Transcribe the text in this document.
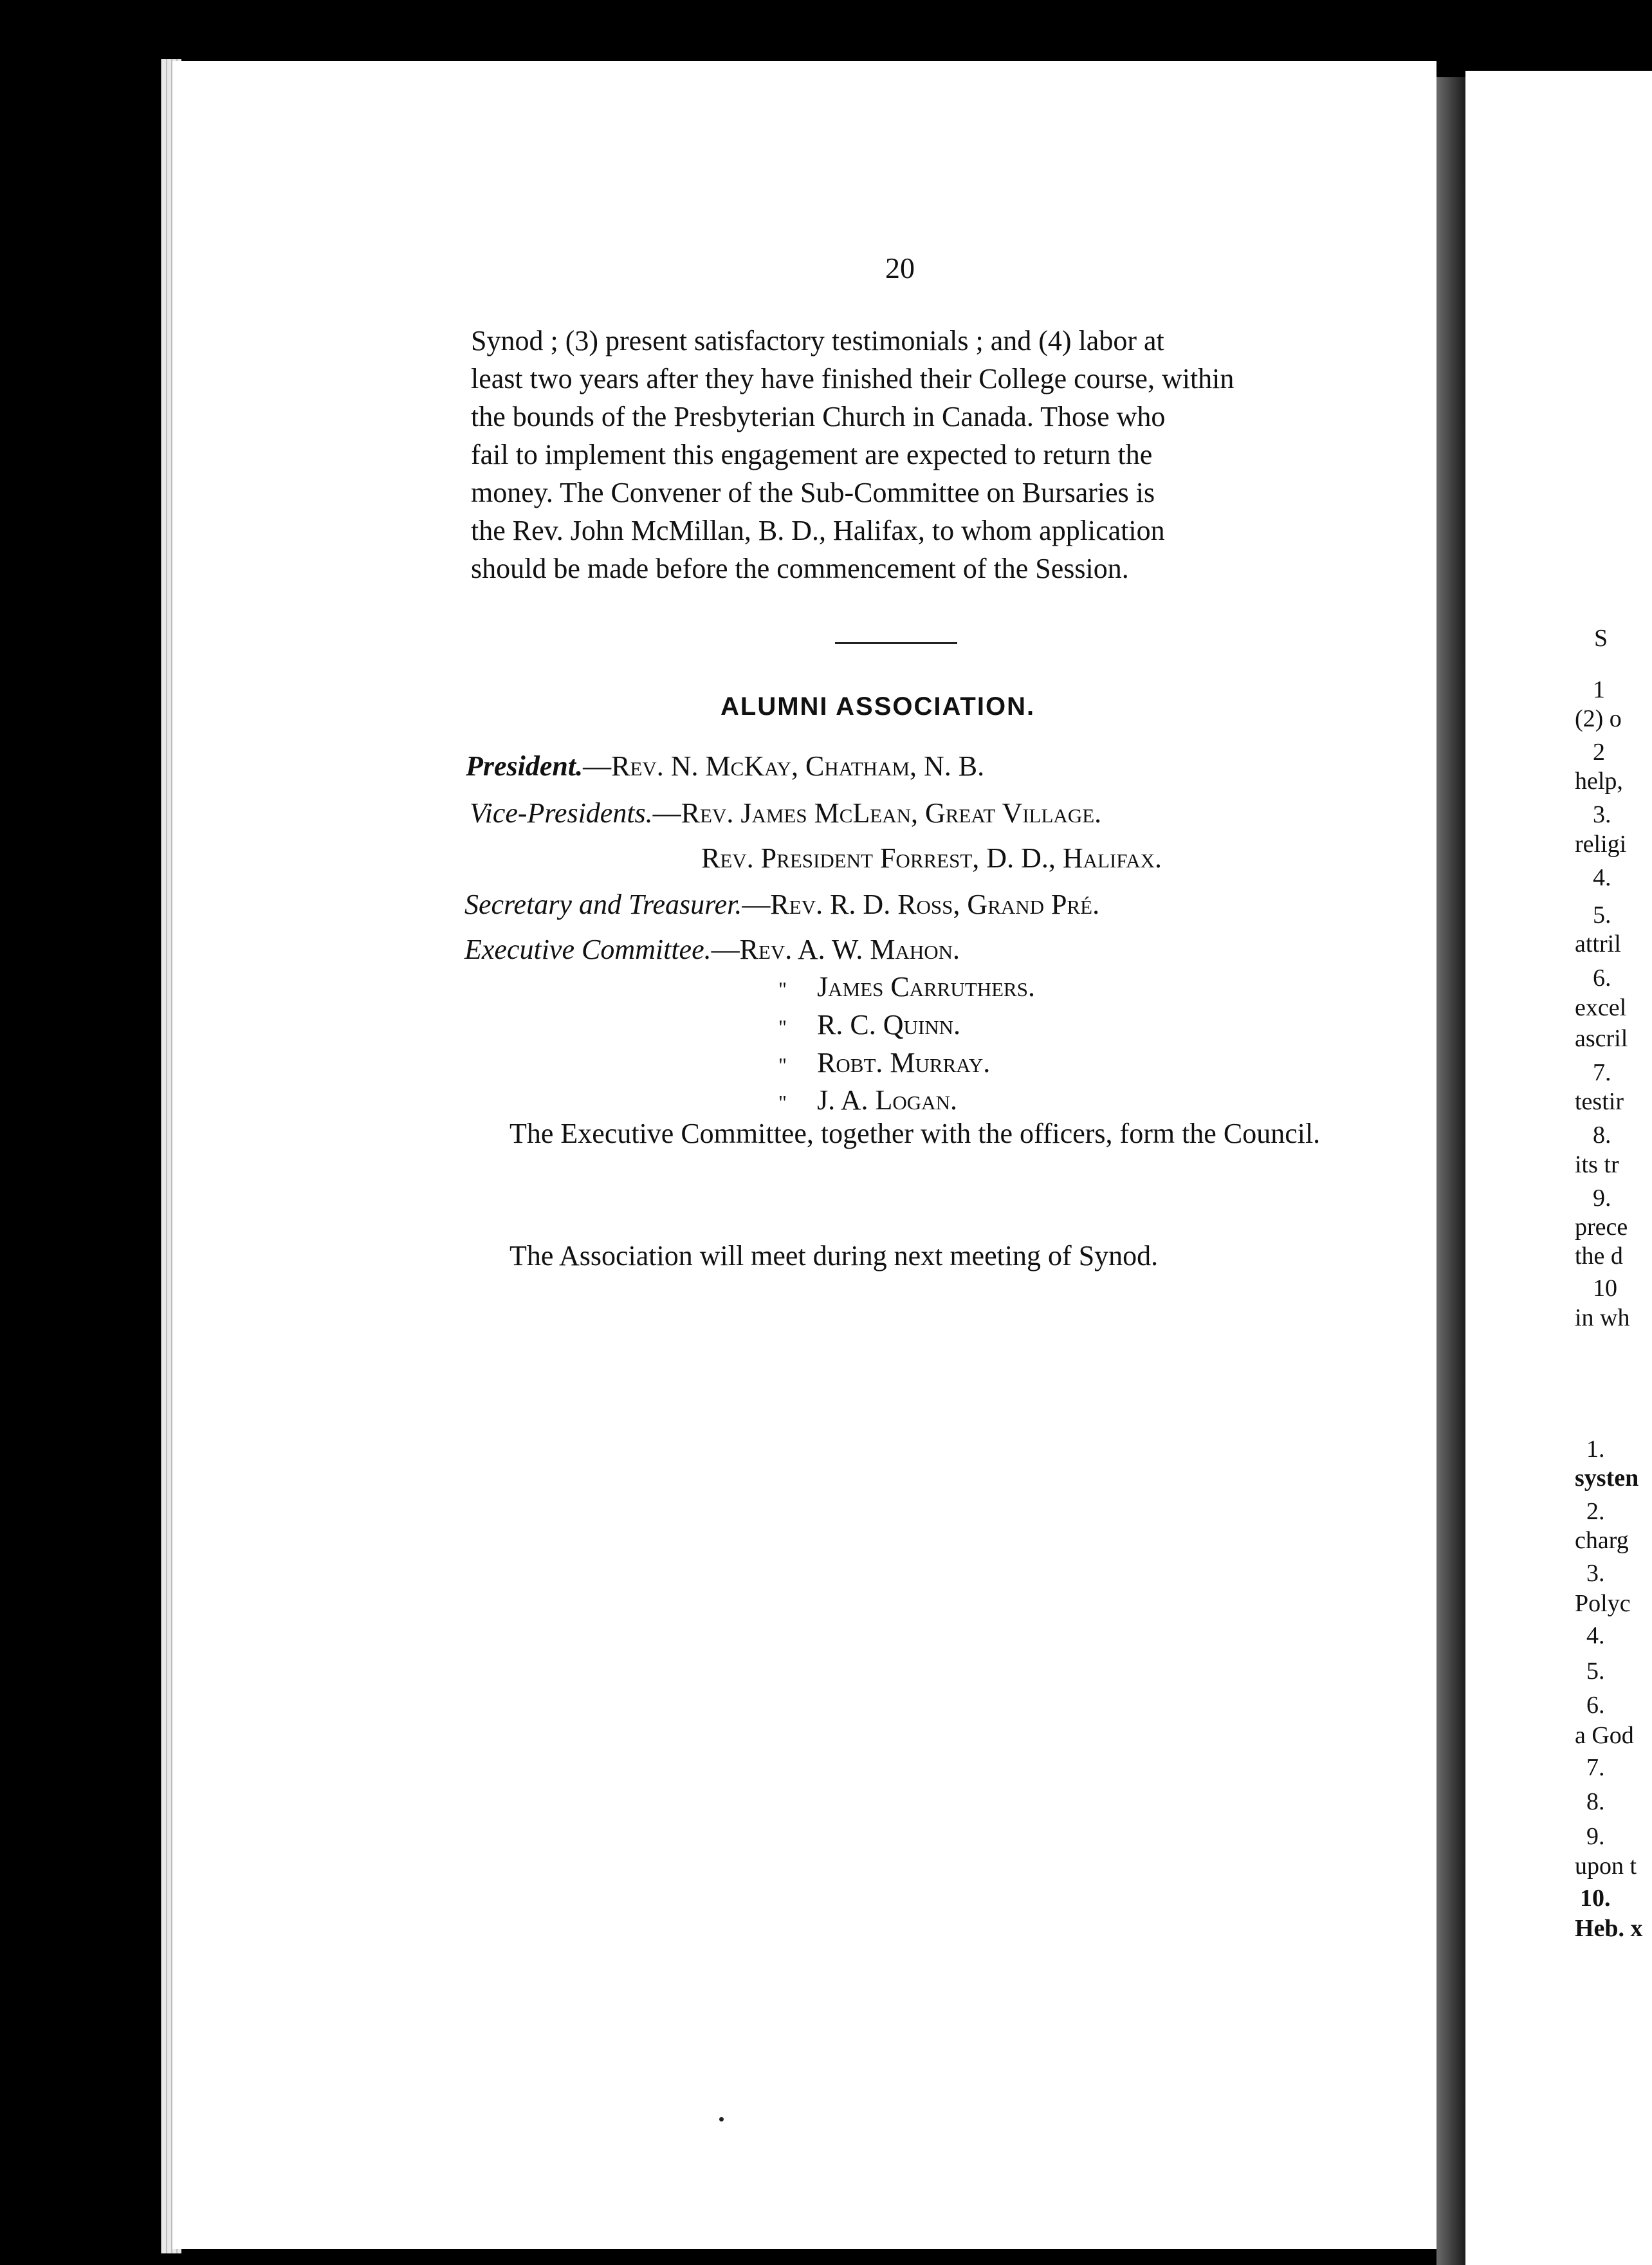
S
1
(2) o
2
help,
3.
religi
4.
5.
attril
6.
excel
ascril
7.
testir
8.
its tr
9.
prece
the d
10
in wh
1.
systen
2.
charg
3.
Polyc
4.
5.
6.
a God
7.
8.
9.
upon t
10.
Heb. x
20
Synod ; (3) present satisfactory testimonials ; and (4) labor at
least two years after they have finished their College course, within
the bounds of the Presbyterian Church in Canada. Those who
fail to implement this engagement are expected to return the
money. The Convener of the Sub-Committee on Bursaries is
the Rev. John McMillan, B. D., Halifax, to whom application
should be made before the commencement of the Session.
ALUMNI ASSOCIATION.
President.—Rev. N. McKay, Chatham, N. B.
Vice-Presidents.—Rev. James McLean, Great Village.
Rev. President Forrest, D. D., Halifax.
Secretary and Treasurer.—Rev. R. D. Ross, Grand Pré.
Executive Committee.—Rev. A. W. Mahon.
" James Carruthers.
" R. C. Quinn.
" Robt. Murray.
" J. A. Logan.
The Executive Committee, together with the officers, form the Council.
The Association will meet during next meeting of Synod.
